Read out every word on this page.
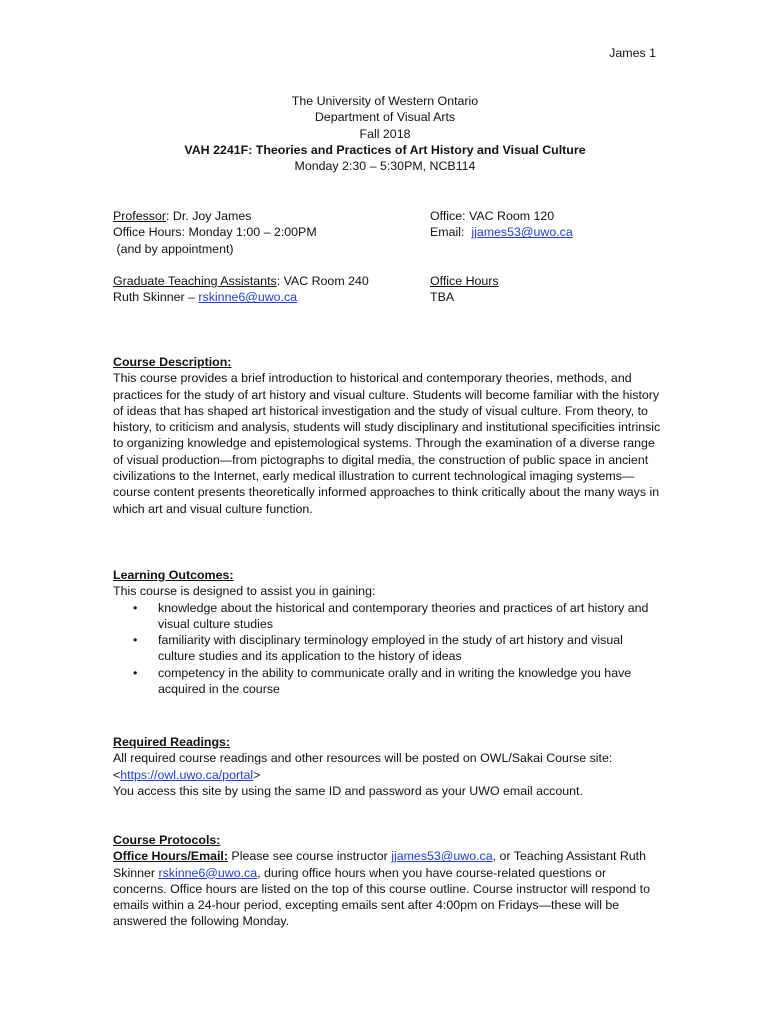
James 1
The University of Western Ontario
Department of Visual Arts
Fall 2018
VAH 2241F: Theories and Practices of Art History and Visual Culture
Monday 2:30 – 5:30PM, NCB114
Professor: Dr. Joy James
Office Hours: Monday 1:00 – 2:00PM
(and by appointment)
Office: VAC Room 120
Email:  jjames53@uwo.ca
Graduate Teaching Assistants: VAC Room 240
Ruth Skinner – rskinne6@uwo.ca
Office Hours
TBA
Course Description:
This course provides a brief introduction to historical and contemporary theories, methods, and practices for the study of art history and visual culture. Students will become familiar with the history of ideas that has shaped art historical investigation and the study of visual culture. From theory, to history, to criticism and analysis, students will study disciplinary and institutional specificities intrinsic to organizing knowledge and epistemological systems. Through the examination of a diverse range of visual production—from pictographs to digital media, the construction of public space in ancient civilizations to the Internet, early medical illustration to current technological imaging systems—course content presents theoretically informed approaches to think critically about the many ways in which art and visual culture function.
Learning Outcomes:
This course is designed to assist you in gaining:
• knowledge about the historical and contemporary theories and practices of art history and visual culture studies
• familiarity with disciplinary terminology employed in the study of art history and visual culture studies and its application to the history of ideas
• competency in the ability to communicate orally and in writing the knowledge you have acquired in the course
Required Readings:
All required course readings and other resources will be posted on OWL/Sakai Course site: <https://owl.uwo.ca/portal>
You access this site by using the same ID and password as your UWO email account.
Course Protocols:
Office Hours/Email: Please see course instructor jjames53@uwo.ca, or Teaching Assistant Ruth Skinner rskinne6@uwo.ca, during office hours when you have course-related questions or concerns. Office hours are listed on the top of this course outline. Course instructor will respond to emails within a 24-hour period, excepting emails sent after 4:00pm on Fridays—these will be answered the following Monday.
